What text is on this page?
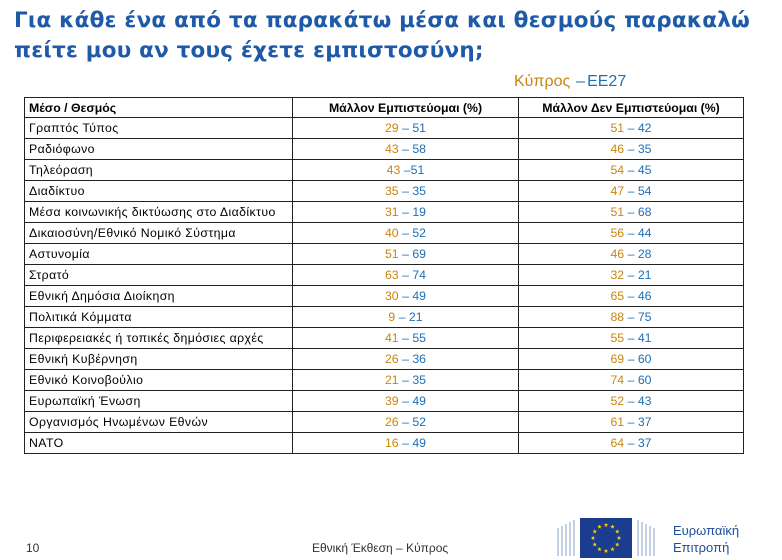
Για κάθε ένα από τα παρακάτω μέσα και θεσμούς παρακαλώ πείτε μου αν τους έχετε εμπιστοσύνη;
Κύπρος – ΕΕ27
Μέσο / Θεσμός	Μάλλον Εμπιστεύομαι (%)	Μάλλον Δεν Εμπιστεύομαι (%)
Γραπτός Τύπος	29 – 51	51 – 42
Ραδιόφωνο	43 – 58	46 – 35
Τηλεόραση	43 –51	54 – 45
Διαδίκτυο	35 – 35	47 – 54
Μέσα κοινωνικής δικτύωσης στο Διαδίκτυο	31 – 19	51 – 68
Δικαιοσύνη/Εθνικό Νομικό Σύστημα	40 – 52	56 – 44
Αστυνομία	51 – 69	46 – 28
Στρατό	63 – 74	32 – 21
Εθνική Δημόσια Διοίκηση	30 – 49	65 – 46
Πολιτικά Κόμματα	9 – 21	88 – 75
Περιφερειακές ή τοπικές δημόσιες αρχές	41 – 55	55 – 41
Εθνική Κυβέρνηση	26 – 36	69 – 60
Εθνικό Κοινοβούλιο	21 – 35	74 – 60
Ευρωπαϊκή Ένωση	39 – 49	52 – 43
Οργανισμός Ηνωμένων Εθνών	26 – 52	61 – 37
ΝΑΤΟ	16 – 49	64 – 37
10	Εθνική Έκθεση – Κύπρος
Ευρωπαϊκή
Επιτροπή
